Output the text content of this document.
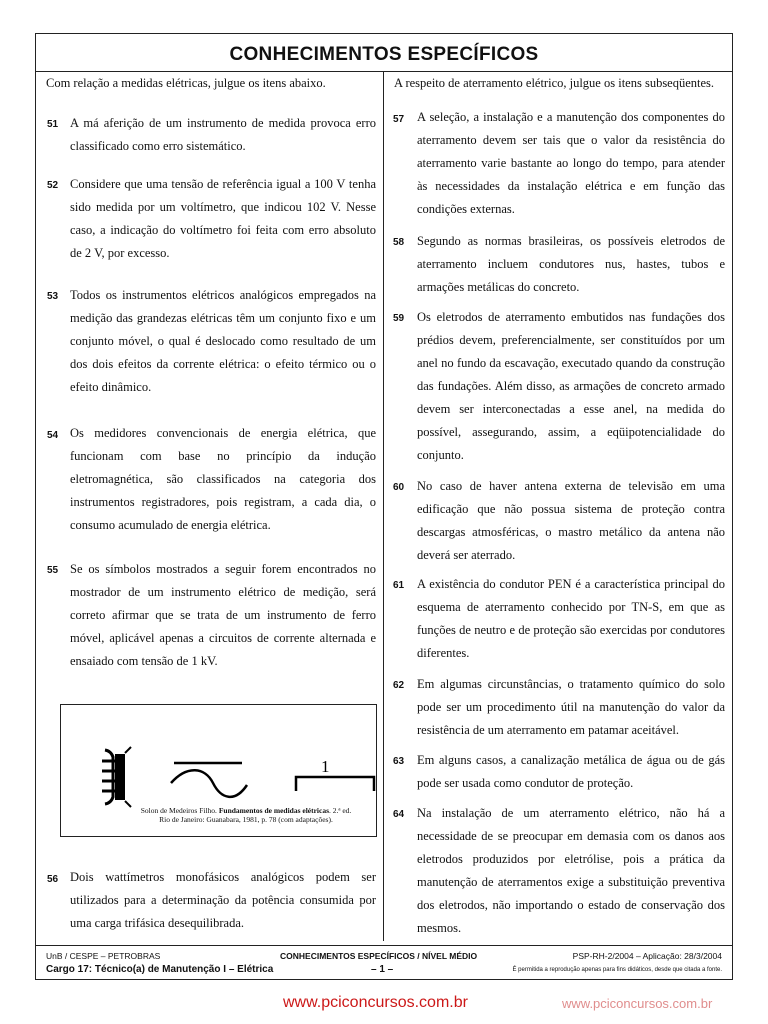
CONHECIMENTOS ESPECÍFICOS
Com relação a medidas elétricas, julgue os itens abaixo.
51 A má aferição de um instrumento de medida provoca erro classificado como erro sistemático.
52 Considere que uma tensão de referência igual a 100 V tenha sido medida por um voltímetro, que indicou 102 V. Nesse caso, a indicação do voltímetro foi feita com erro absoluto de 2 V, por excesso.
53 Todos os instrumentos elétricos analógicos empregados na medição das grandezas elétricas têm um conjunto fixo e um conjunto móvel, o qual é deslocado como resultado de um dos dois efeitos da corrente elétrica: o efeito térmico ou o efeito dinâmico.
54 Os medidores convencionais de energia elétrica, que funcionam com base no princípio da indução eletromagnética, são classificados na categoria dos instrumentos registradores, pois registram, a cada dia, o consumo acumulado de energia elétrica.
55 Se os símbolos mostrados a seguir forem encontrados no mostrador de um instrumento elétrico de medição, será correto afirmar que se trata de um instrumento de ferro móvel, aplicável apenas a circuitos de corrente alternada e ensaiado com tensão de 1 kV.
1
Solon de Medeiros Filho. Fundamentos de medidas elétricas. 2.ª ed.
Rio de Janeiro: Guanabara, 1981, p. 78 (com adaptações).
56 Dois wattímetros monofásicos analógicos podem ser utilizados para a determinação da potência consumida por uma carga trifásica desequilibrada.
A respeito de aterramento elétrico, julgue os itens subseqüentes.
57 A seleção, a instalação e a manutenção dos componentes do aterramento devem ser tais que o valor da resistência do aterramento varie bastante ao longo do tempo, para atender às necessidades da instalação elétrica e em função das condições externas.
58 Segundo as normas brasileiras, os possíveis eletrodos de aterramento incluem condutores nus, hastes, tubos e armações metálicas do concreto.
59 Os eletrodos de aterramento embutidos nas fundações dos prédios devem, preferencialmente, ser constituídos por um anel no fundo da escavação, executado quando da construção das fundações. Além disso, as armações de concreto armado devem ser interconectadas a esse anel, na medida do possível, assegurando, assim, a eqüipotencialidade do conjunto.
60 No caso de haver antena externa de televisão em uma edificação que não possua sistema de proteção contra descargas atmosféricas, o mastro metálico da antena não deverá ser aterrado.
61 A existência do condutor PEN é a característica principal do esquema de aterramento conhecido por TN-S, em que as funções de neutro e de proteção são exercidas por condutores diferentes.
62 Em algumas circunstâncias, o tratamento químico do solo pode ser um procedimento útil na manutenção do valor da resistência de um aterramento em patamar aceitável.
63 Em alguns casos, a canalização metálica de água ou de gás pode ser usada como condutor de proteção.
64 Na instalação de um aterramento elétrico, não há a necessidade de se preocupar em demasia com os danos aos eletrodos produzidos por eletrólise, pois a prática da manutenção de aterramentos exige a substituição preventiva dos eletrodos, não importando o estado de conservação dos mesmos.
UnB / CESPE – PETROBRAS	CONHECIMENTOS ESPECÍFICOS / NÍVEL MÉDIO	PSP-RH-2/2004 – Aplicação: 28/3/2004
Cargo 17: Técnico(a) de Manutenção I – Elétrica	– 1 –	É permitida a reprodução apenas para fins didáticos, desde que citada a fonte.
www.pciconcursos.com.br	www.pciconcursos.com.br
